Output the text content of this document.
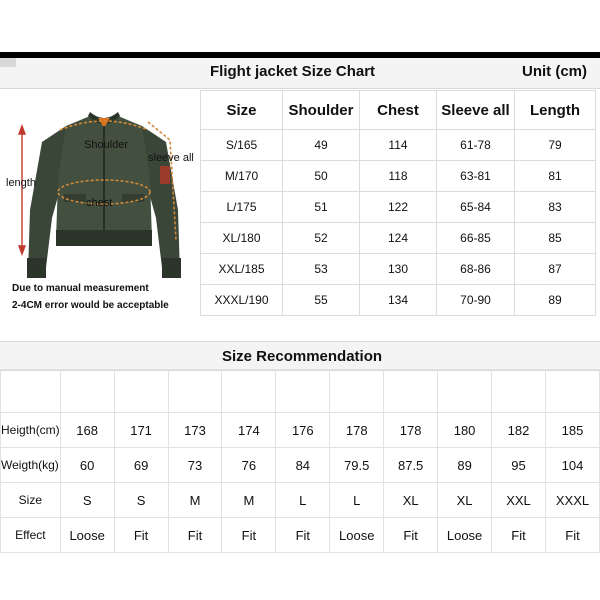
Flight jacket Size Chart	Unit (cm)
Shoulder
sleeve all
length
chest
Due to manual measurement
2-4CM error would be acceptable
Size	Shoulder	Chest	Sleeve all	Length
S/165	49	114	61-78	79
M/170	50	118	63-81	81
L/175	51	122	65-84	83
XL/180	52	124	66-85	85
XXL/185	53	130	68-86	87
XXXL/190	55	134	70-90	89
Size Recommendation

Heigth(cm)	168	171	173	174	176	178	178	180	182	185
Weigth(kg)	60	69	73	76	84	79.5	87.5	89	95	104
Size	S	S	M	M	L	L	XL	XL	XXL	XXXL
Effect	Loose	Fit	Fit	Fit	Fit	Loose	Fit	Loose	Fit	Fit
